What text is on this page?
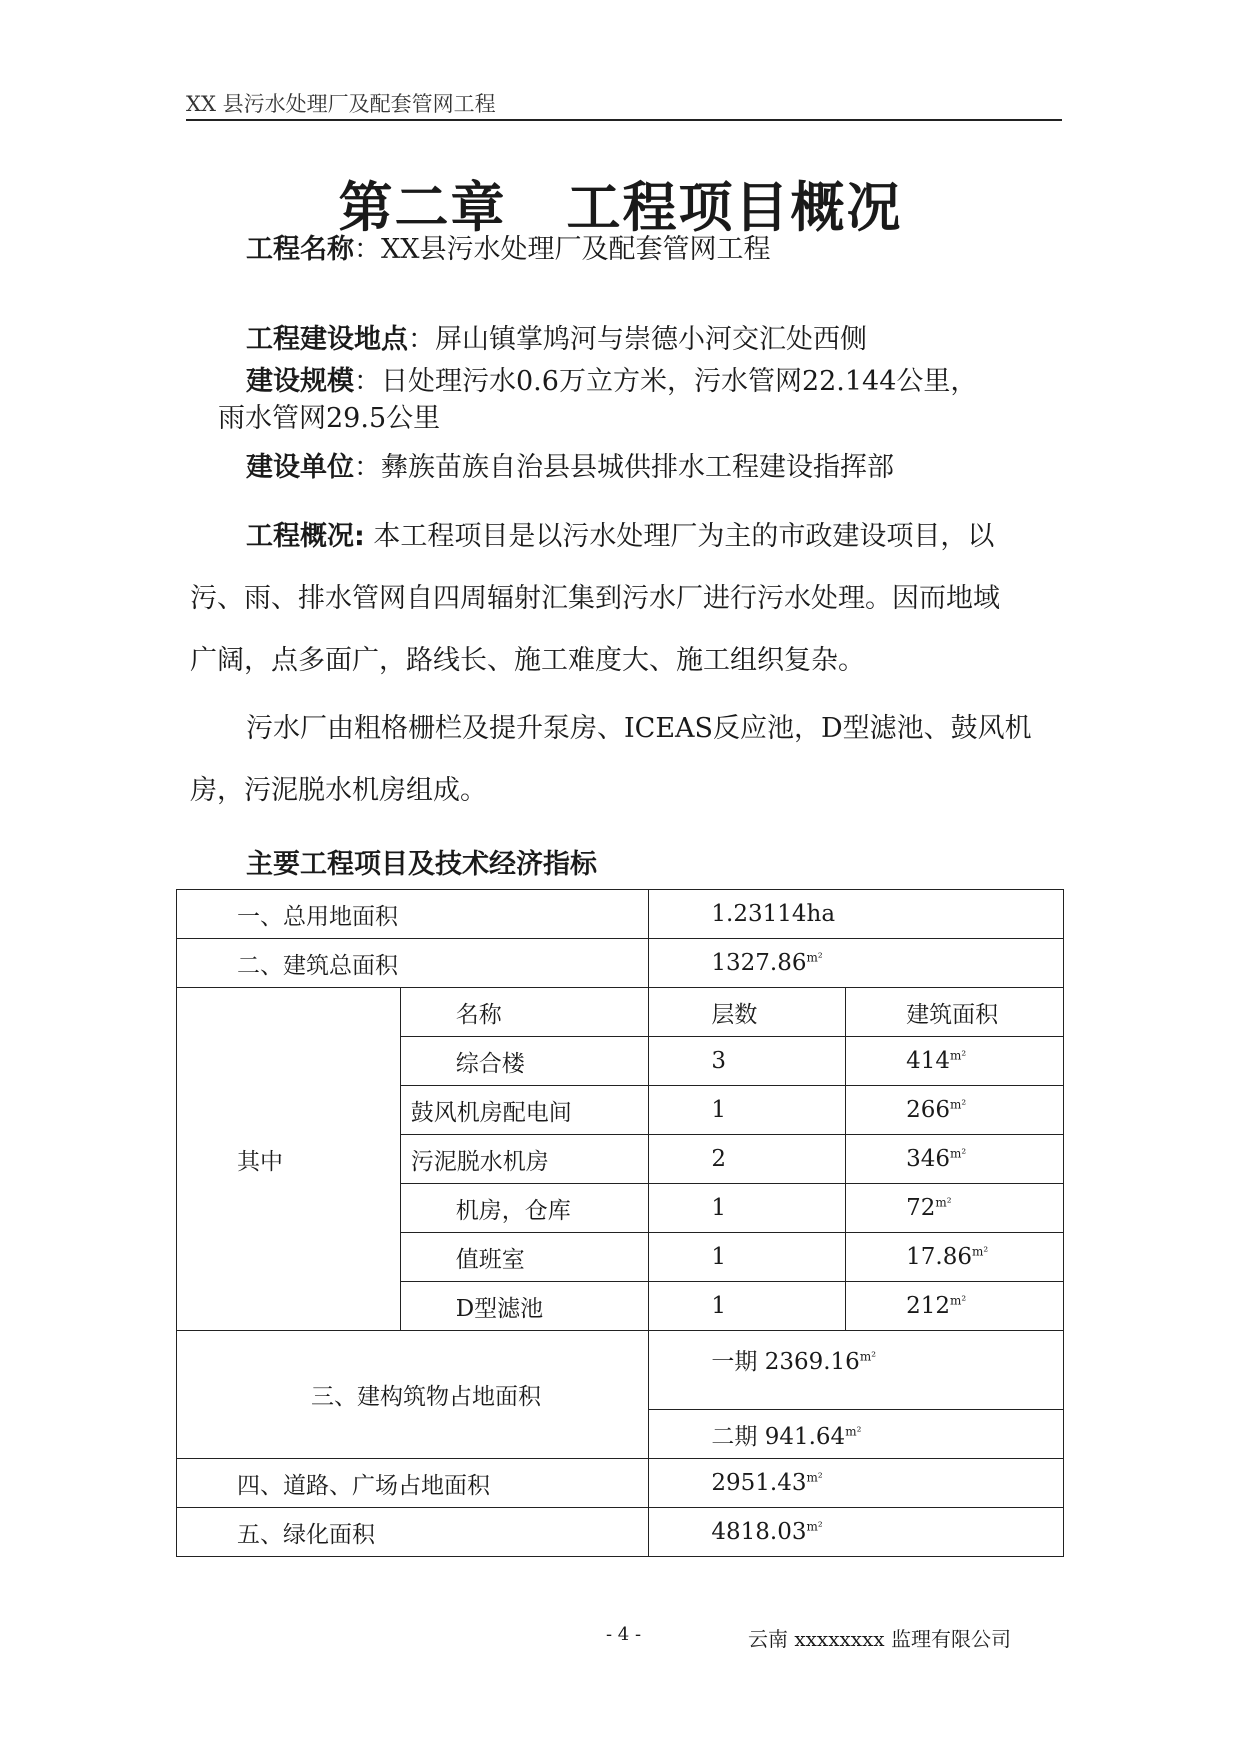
XX 县污水处理厂及配套管网工程
第二章 工程项目概况
工程名称：XX县污水处理厂及配套管网工程
工程建设地点：屏山镇掌鸠河与崇德小河交汇处西侧
建设规模：日处理污水0.6万立方米，污水管网22.144公里，
雨水管网29.5公里
建设单位：彝族苗族自治县县城供排水工程建设指挥部
工程概况: 本工程项目是以污水处理厂为主的市政建设项目，以
污、雨、排水管网自四周辐射汇集到污水厂进行污水处理。因而地域
广阔，点多面广，路线长、施工难度大、施工组织复杂。
污水厂由粗格栅栏及提升泵房、ICEAS反应池，D型滤池、鼓风机
房，污泥脱水机房组成。
主要工程项目及技术经济指标
一、总用地面积		1.23114ha	
二、建筑总面积		$1327.86^{m^2}$
其中	名称	层数	建筑面积
	综合楼	3	$414^{m^2}$
	鼓风机房配电间	1	$266^{m^2}$
	污泥脱水机房	2	$346^{m^2}$
	机房，仓库	1	$72^{m^2}$
	值班室	1	$17.86^{m^2}$
	D型滤池	1	$212^{m^2}$
三、建构筑物占地面积		一期 $2369.16^{m^2}$
		二期 $941.64^{m^2}$
四、道路、广场占地面积		$2951.43^{m^2}$
五、绿化面积		$4818.03^{m^2}$
- 4 -	云南 xxxxxxxx 监理有限公司
